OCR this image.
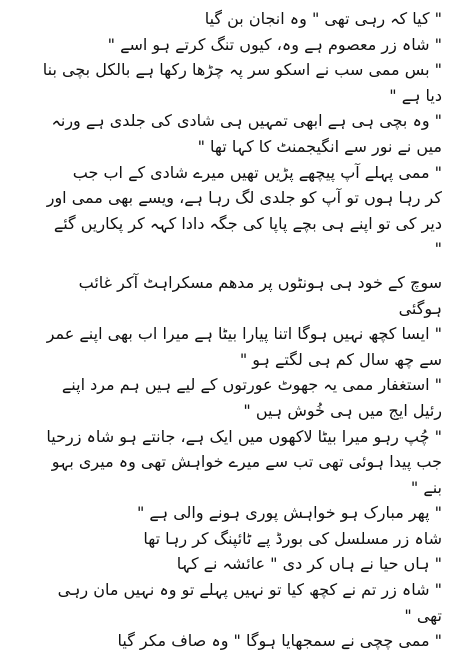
" کیا کہ رہی تھی " وہ انجان بن گیا
" شاہ زر معصوم ہے وہ، کیوں تنگ کرتے ہو اسے "
" بس ممی سب نے اسکو سر پہ چڑھا رکھا ہے بالکل بچی بنا
دیا ہے "
" وہ بچی ہی ہے ابھی تمہیں ہی شادی کی جلدی ہے ورنہ
میں نے نور سے انگیجمنٹ کا کہا تھا "
" ممی پہلے آپ پیچھے پڑیں تھیں میرے شادی کے اب جب
کر رہا ہوں تو آپ کو جلدی لگ رہا ہے، ویسے بھی ممی اور
دیر کی تو اپنے ہی بچے پاپا کی جگہ دادا کہہ کر پکاریں گئے
"
سوچ کے خود ہی ہونٹوں پر مدھم مسکراہٹ آکر غائب
ہوگئی
" ایسا کچھ نہیں ہوگا اتنا پیارا بیٹا ہے میرا اب بھی اپنے عمر
سے چھ سال کم ہی لگتے ہو "
" استغفار ممی یہ جھوٹ عورتوں کے لیے ہیں ہم مرد اپنے
رئیل ایج میں ہی خُوش ہیں "
" چُپ رہو میرا بیٹا لاکھوں میں ایک ہے، جانتے ہو شاہ زرحیا
جب پیدا ہوئی تھی تب سے میرے خواہش تھی وہ میری بہو
بنے "
" پھر مبارک ہو خواہش پوری ہونے والی ہے "
شاہ زر مسلسل کی بورڈ پے ٹائپنگ کر رہا تھا
" ہاں حیا نے ہاں کر دی " عائشہ نے کہا
" شاہ زر تم نے کچھ کیا تو نہیں پہلے تو وہ نہیں مان رہی
تھی "
" ممی چچی نے سمجھایا ہوگا " وہ صاف مکر گیا
